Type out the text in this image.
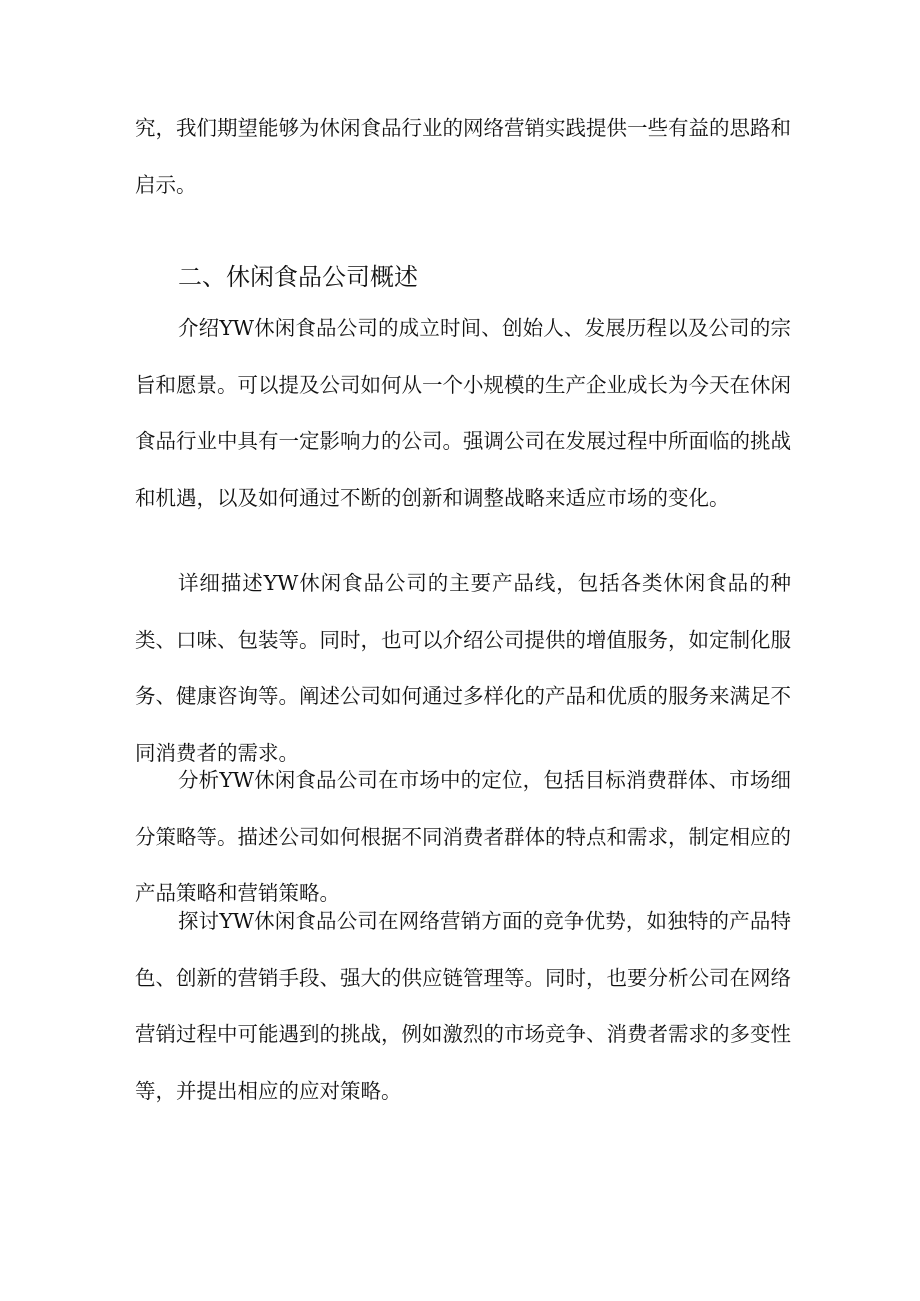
究，我们期望能够为休闲食品行业的网络营销实践提供一些有益的思路和启示。

二、休闲食品公司概述

介绍YW休闲食品公司的成立时间、创始人、发展历程以及公司的宗旨和愿景。可以提及公司如何从一个小规模的生产企业成长为今天在休闲食品行业中具有一定影响力的公司。强调公司在发展过程中所面临的挑战和机遇，以及如何通过不断的创新和调整战略来适应市场的变化。

详细描述YW休闲食品公司的主要产品线，包括各类休闲食品的种类、口味、包装等。同时，也可以介绍公司提供的增值服务，如定制化服务、健康咨询等。阐述公司如何通过多样化的产品和优质的服务来满足不同消费者的需求。

分析YW休闲食品公司在市场中的定位，包括目标消费群体、市场细分策略等。描述公司如何根据不同消费者群体的特点和需求，制定相应的产品策略和营销策略。

探讨YW休闲食品公司在网络营销方面的竞争优势，如独特的产品特色、创新的营销手段、强大的供应链管理等。同时，也要分析公司在网络营销过程中可能遇到的挑战，例如激烈的市场竞争、消费者需求的多变性等，并提出相应的应对策略。
